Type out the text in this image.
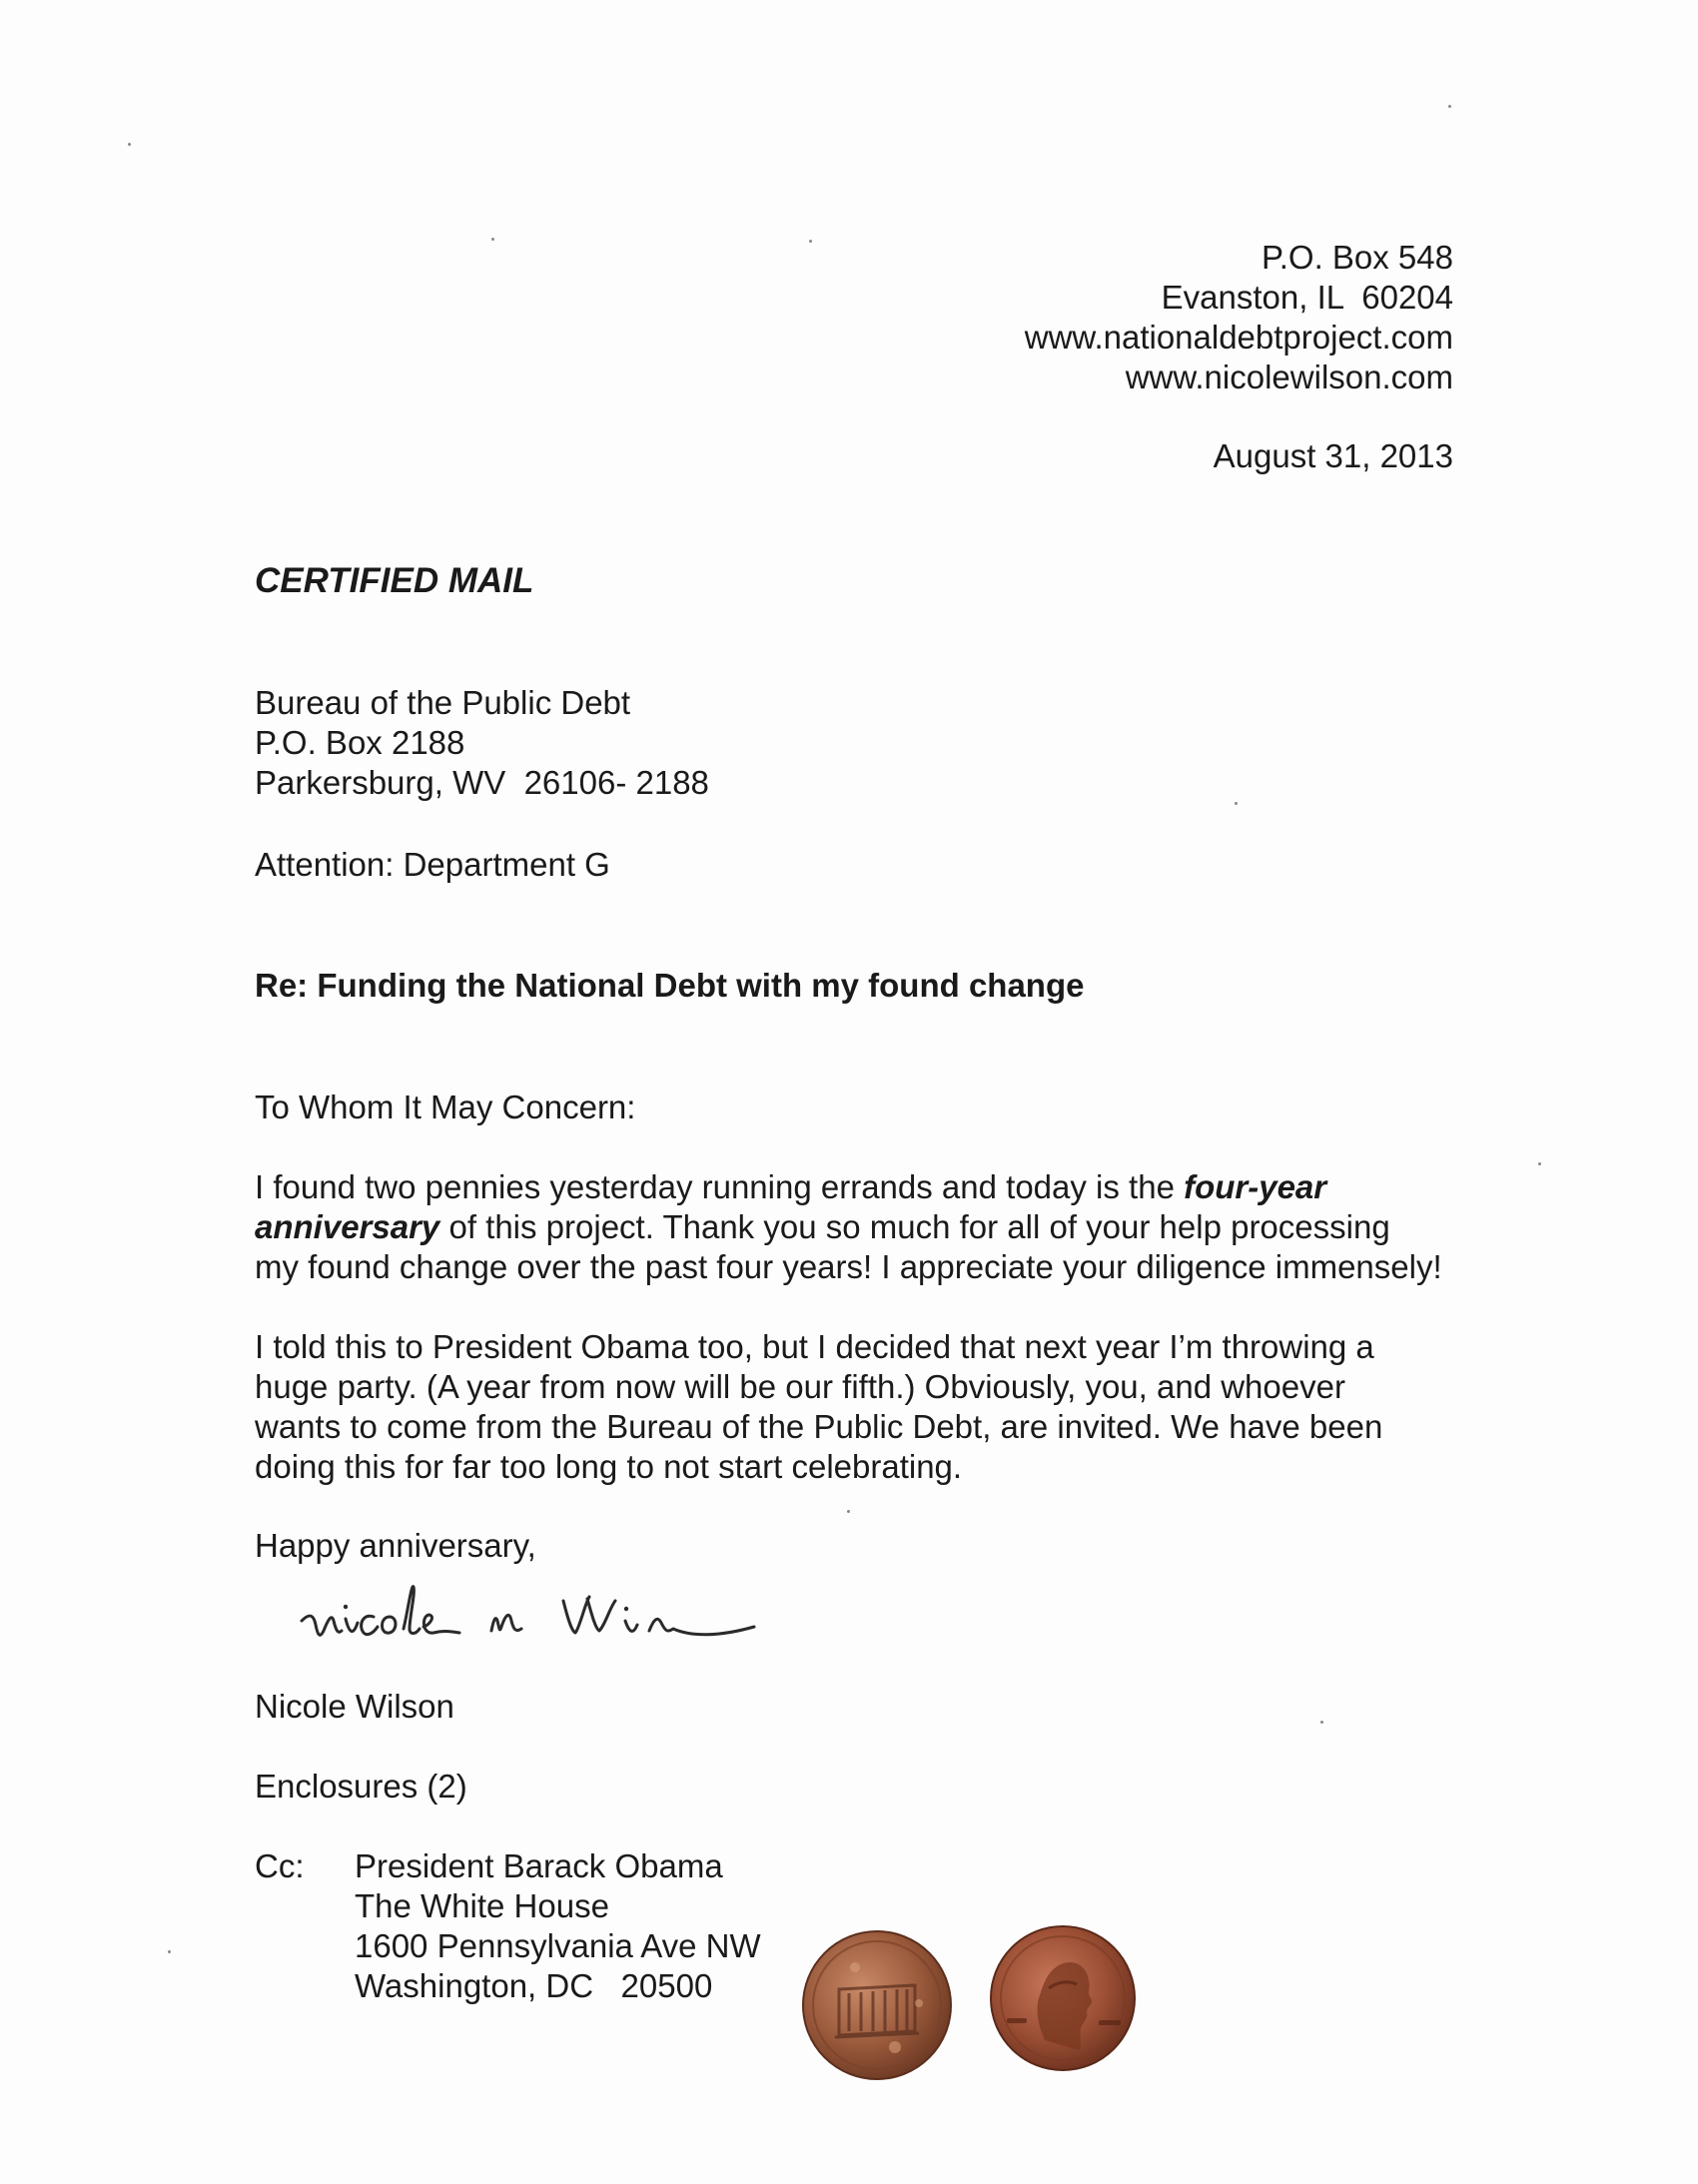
P.O. Box 548
Evanston, IL  60204
www.nationaldebtproject.com
www.nicolewilson.com
August 31, 2013
CERTIFIED MAIL
Bureau of the Public Debt
P.O. Box 2188
Parkersburg, WV  26106- 2188
Attention: Department G
Re: Funding the National Debt with my found change
To Whom It May Concern:
I found two pennies yesterday running errands and today is the four-year
anniversary of this project. Thank you so much for all of your help processing
my found change over the past four years! I appreciate your diligence immensely!
I told this to President Obama too, but I decided that next year I’m throwing a
huge party. (A year from now will be our fifth.) Obviously, you, and whoever
wants to come from the Bureau of the Public Debt, are invited. We have been
doing this for far too long to not start celebrating.
Happy anniversary,
Nicole Wilson
Enclosures (2)
Cc: President Barack Obama
The White House
1600 Pennsylvania Ave NW
Washington, DC   20500
